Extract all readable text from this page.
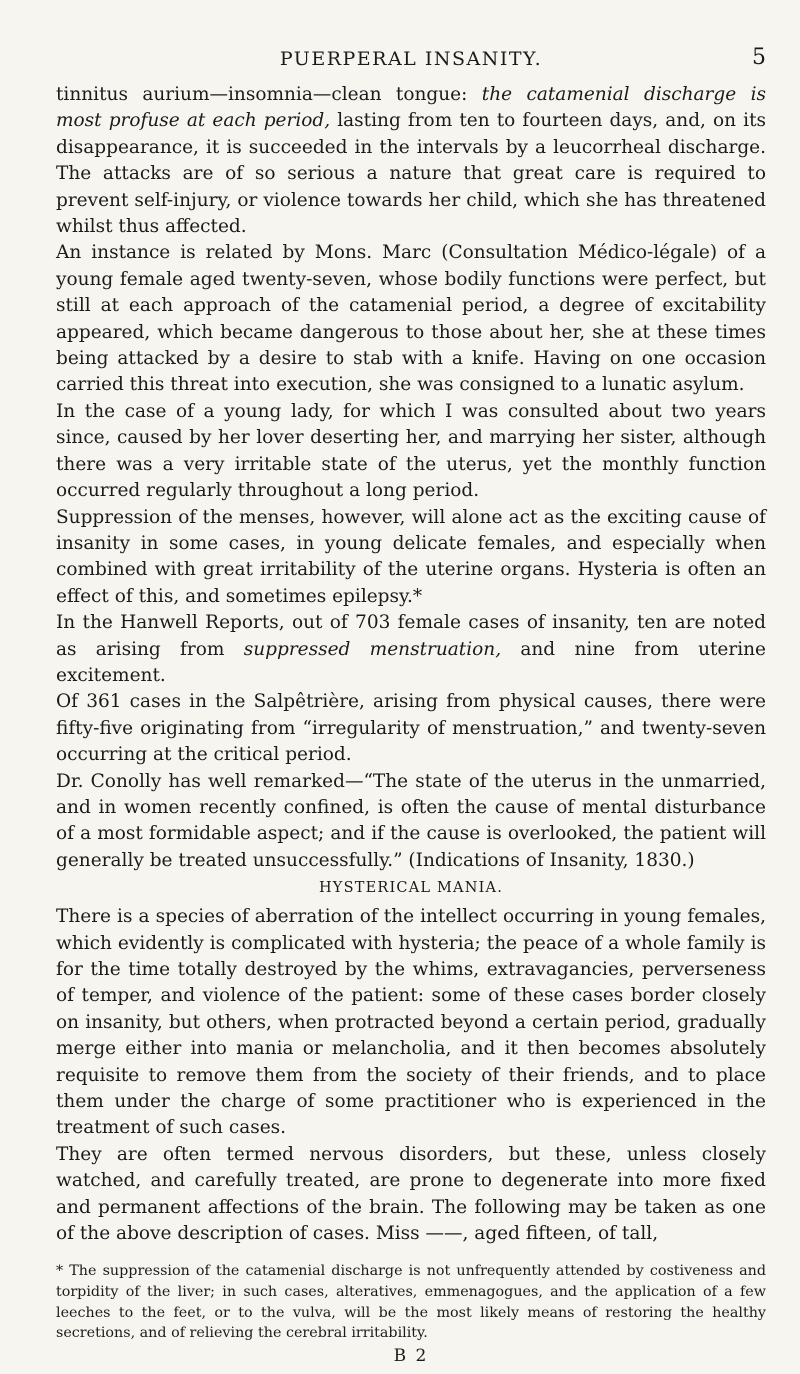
PUERPERAL INSANITY.	5
tinnitus aurium—insomnia—clean tongue: the catamenial discharge is most profuse at each period, lasting from ten to fourteen days, and, on its disappearance, it is succeeded in the intervals by a leucorrheal discharge. The attacks are of so serious a nature that great care is required to prevent self-injury, or violence towards her child, which she has threatened whilst thus affected.
An instance is related by Mons. Marc (Consultation Médico-légale) of a young female aged twenty-seven, whose bodily functions were perfect, but still at each approach of the catamenial period, a degree of excitability appeared, which became dangerous to those about her, she at these times being attacked by a desire to stab with a knife. Having on one occasion carried this threat into execution, she was consigned to a lunatic asylum.
In the case of a young lady, for which I was consulted about two years since, caused by her lover deserting her, and marrying her sister, although there was a very irritable state of the uterus, yet the monthly function occurred regularly throughout a long period.
Suppression of the menses, however, will alone act as the exciting cause of insanity in some cases, in young delicate females, and especially when combined with great irritability of the uterine organs. Hysteria is often an effect of this, and sometimes epilepsy.*
In the Hanwell Reports, out of 703 female cases of insanity, ten are noted as arising from suppressed menstruation, and nine from uterine excitement.
Of 361 cases in the Salpêtrière, arising from physical causes, there were fifty-five originating from “irregularity of menstruation,” and twenty-seven occurring at the critical period.
Dr. Conolly has well remarked—“The state of the uterus in the unmarried, and in women recently confined, is often the cause of mental disturbance of a most formidable aspect; and if the cause is overlooked, the patient will generally be treated unsuccessfully.” (Indications of Insanity, 1830.)
HYSTERICAL MANIA.
There is a species of aberration of the intellect occurring in young females, which evidently is complicated with hysteria; the peace of a whole family is for the time totally destroyed by the whims, extravagancies, perverseness of temper, and violence of the patient: some of these cases border closely on insanity, but others, when protracted beyond a certain period, gradually merge either into mania or melancholia, and it then becomes absolutely requisite to remove them from the society of their friends, and to place them under the charge of some practitioner who is experienced in the treatment of such cases.
They are often termed nervous disorders, but these, unless closely watched, and carefully treated, are prone to degenerate into more fixed and permanent affections of the brain. The following may be taken as one of the above description of cases. Miss ——, aged fifteen, of tall,
* The suppression of the catamenial discharge is not unfrequently attended by costiveness and torpidity of the liver; in such cases, alteratives, emmenagogues, and the application of a few leeches to the feet, or to the vulva, will be the most likely means of restoring the healthy secretions, and of relieving the cerebral irritability.
B 2
